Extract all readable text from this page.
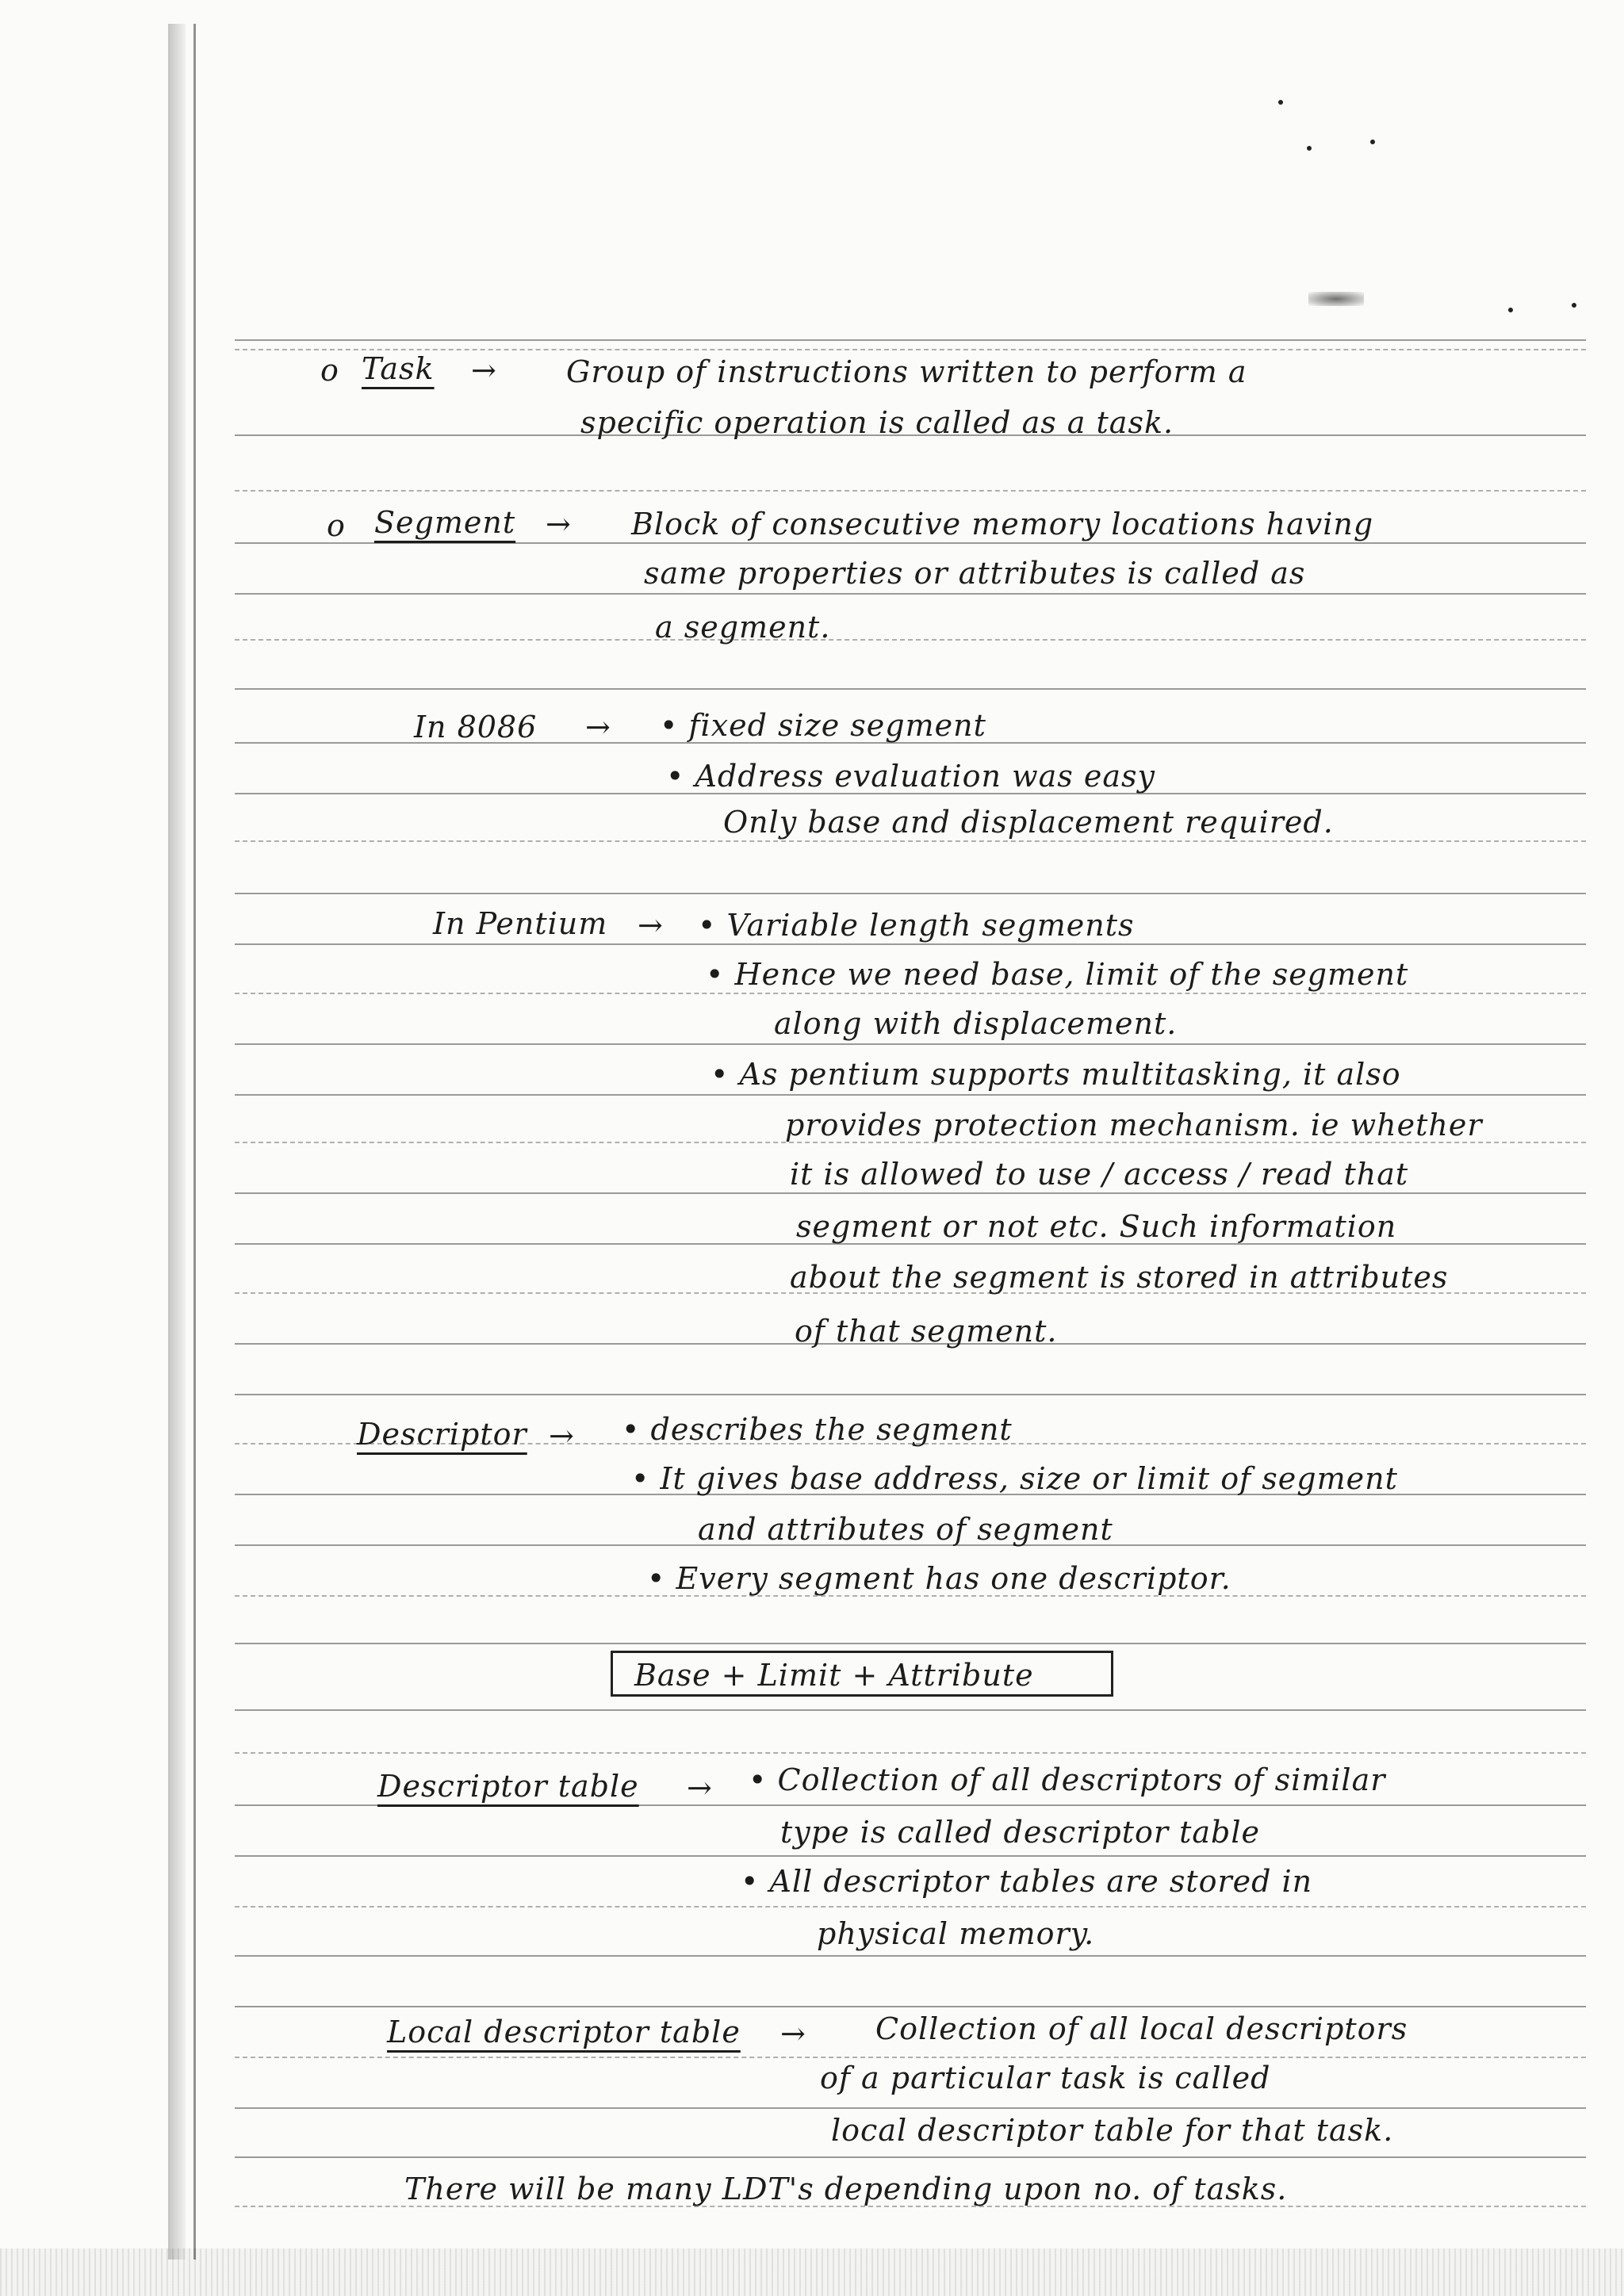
o Task → Group of instructions written to perform a
specific operation is called as a task.
o Segment → Block of consecutive memory locations having
same properties or attributes is called as
a segment.
In 8086 → • fixed size segment
• Address evaluation was easy
Only base and displacement required.
In Pentium → • Variable length segments
• Hence we need base, limit of the segment
along with displacement.
• As pentium supports multitasking, it also
provides protection mechanism. ie whether
it is allowed to use / access / read that
segment or not etc. Such information
about the segment is stored in attributes
of that segment.
Descriptor → • describes the segment
• It gives base address, size or limit of segment
and attributes of segment
• Every segment has one descriptor.
Base + Limit + Attribute
Descriptor table → • Collection of all descriptors of similar
type is called descriptor table
• All descriptor tables are stored in
physical memory.
Local descriptor table → Collection of all local descriptors
of a particular task is called
local descriptor table for that task.
There will be many LDT's depending upon no. of tasks.
